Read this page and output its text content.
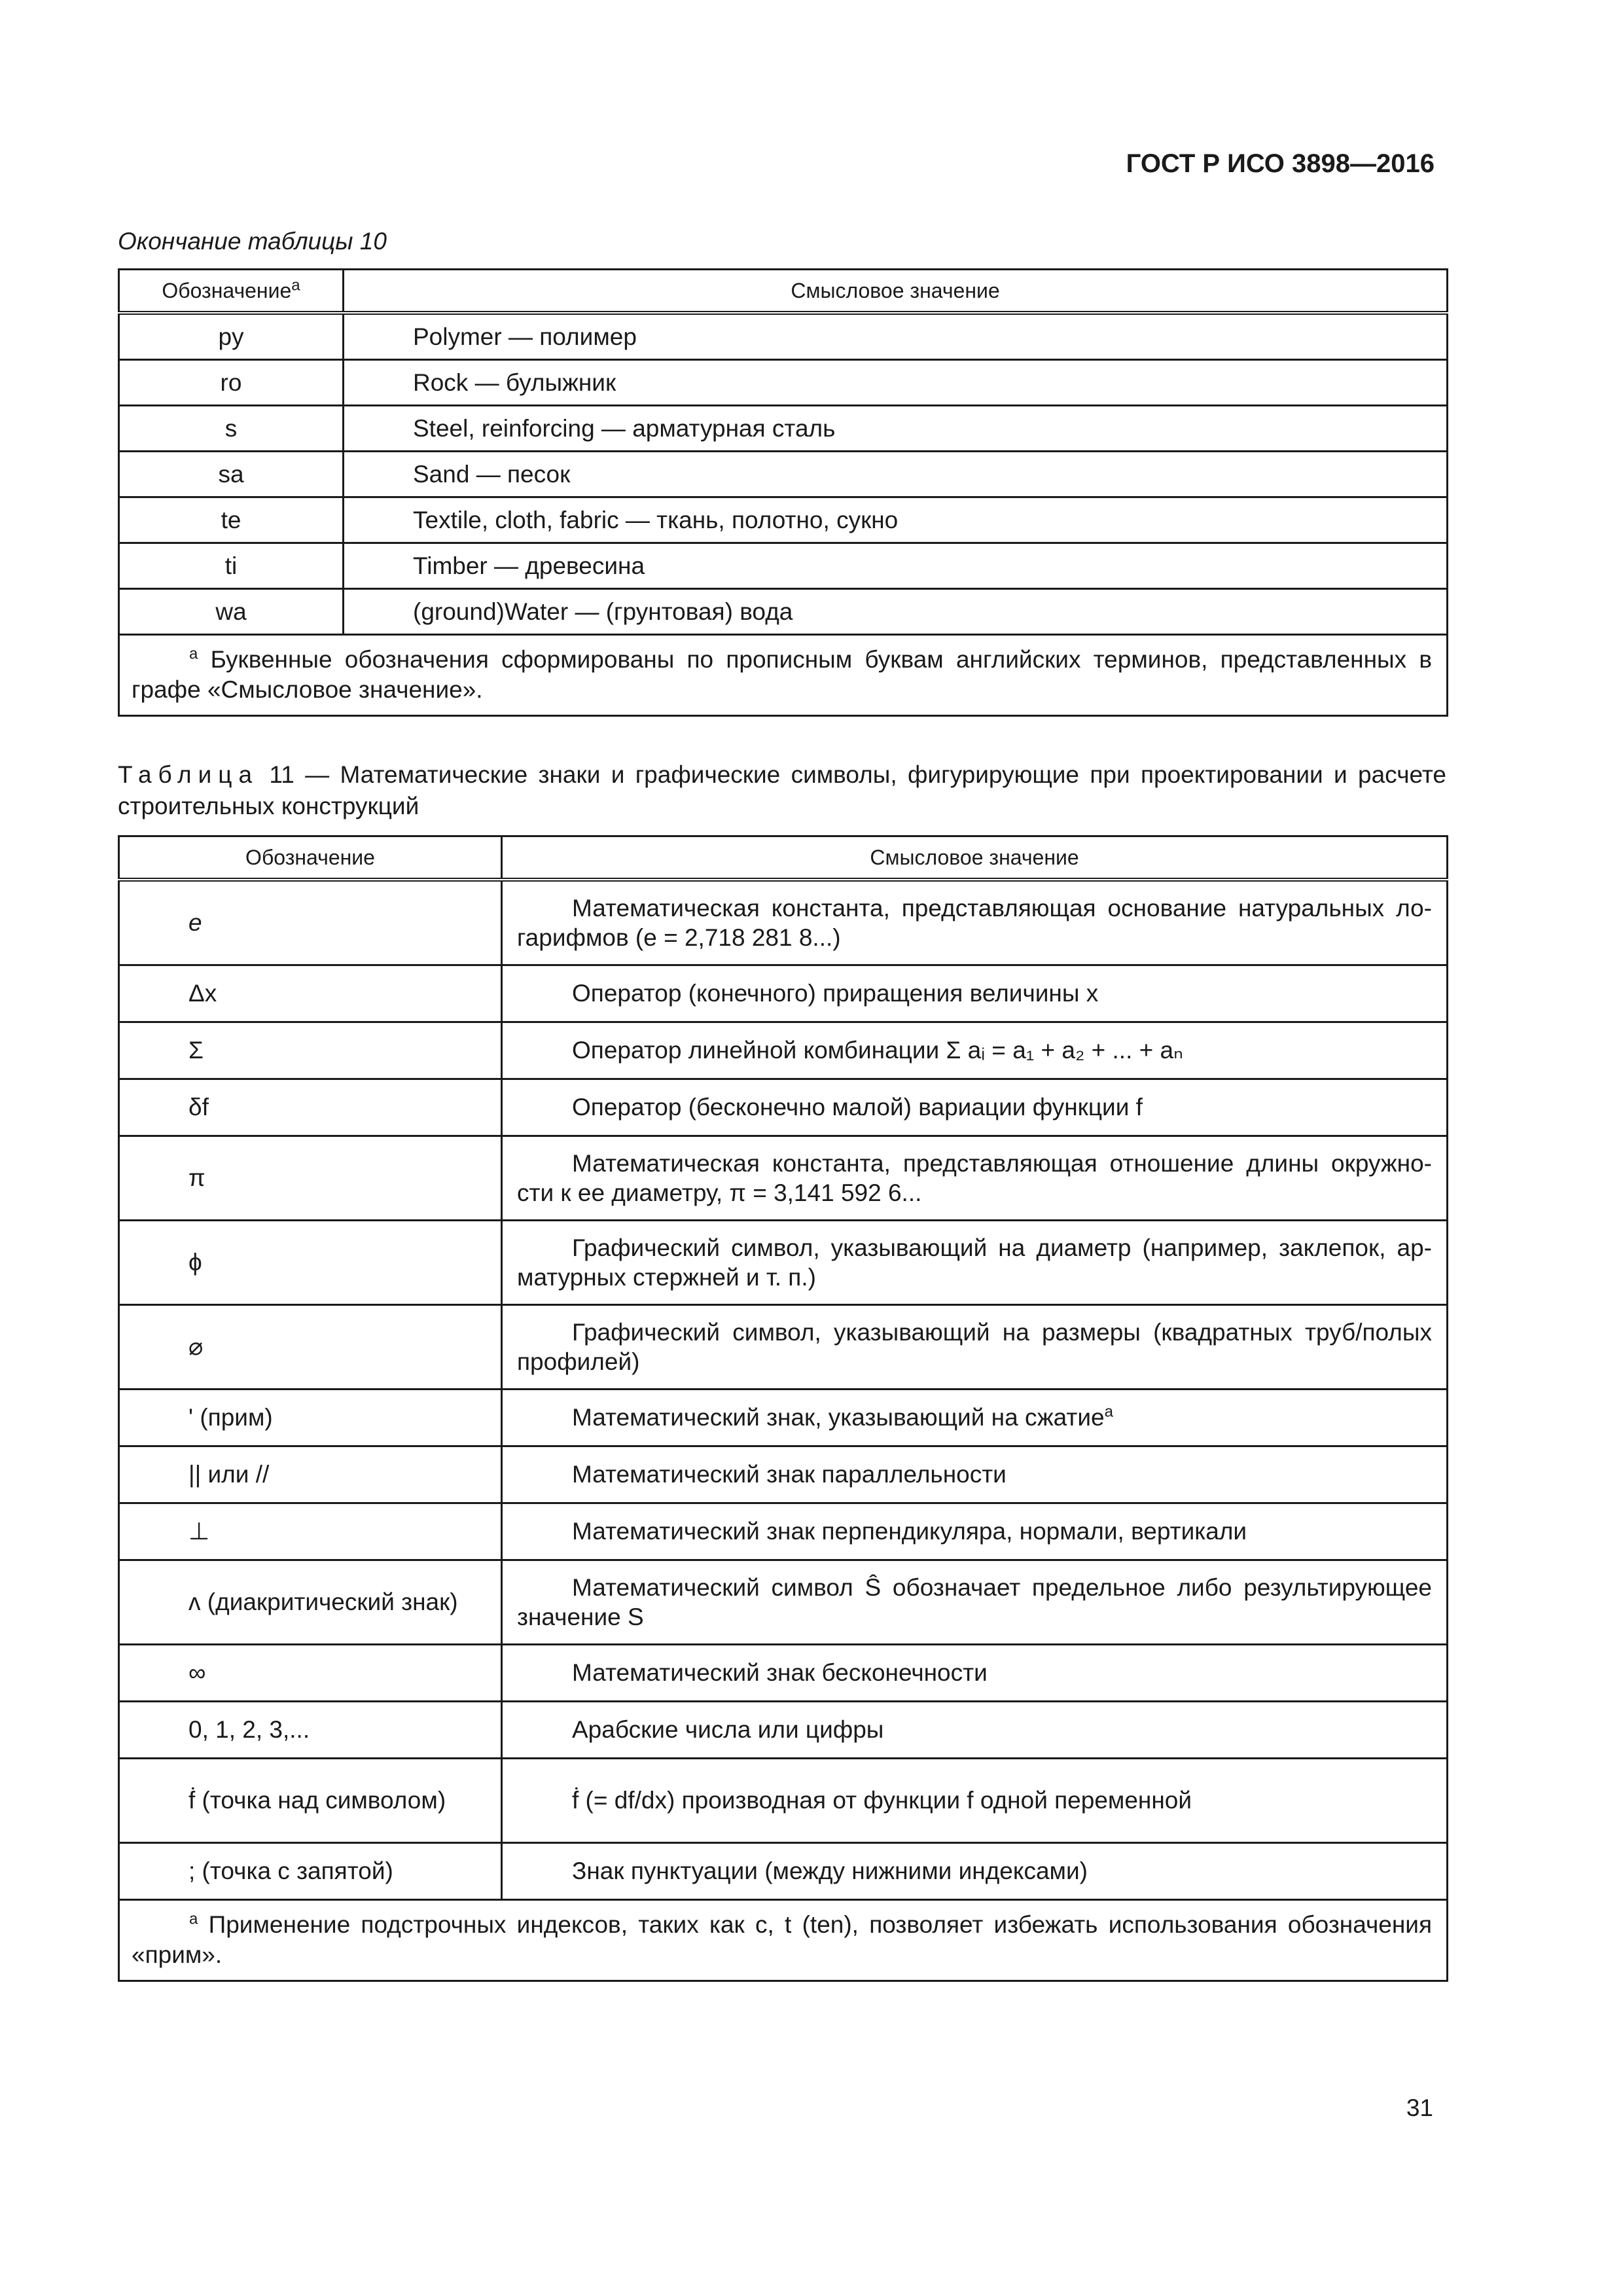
ГОСТ Р ИСО 3898—2016
Окончание таблицы 10
Обозначение$^a$	Смысловое значение
py	Polymer — полимер
ro	Rock — булыжник
s	Steel, reinforcing — арматурная сталь
sa	Sand — песок
te	Textile, cloth, fabric — ткань, полотно, сукно
ti	Timber — древесина
wa	(ground)Water — (грунтовая) вода
$^a$ Буквенные обозначения сформированы по прописным буквам английских терминов, представленных в графе «Смысловое значение».	
Таблица 11 — Математические знаки и графические символы, фигурирующие при проектировании и расчете строительных конструкций
Обозначение	Смысловое значение
e	Математическая константа, представляющая основание натуральных ло- гарифмов (e = 2,718 281 8...)
Δx	Оператор (конечного) приращения величины x
Σ	Оператор линейной комбинации Σ aᵢ = a₁ + a₂ + ... + aₙ
δf	Оператор (бесконечно малой) вариации функции f
π	Математическая константа, представляющая отношение длины окружно- сти к ее диаметру, π = 3,141 592 6...
ϕ	Графический символ, указывающий на диаметр (например, заклепок, ар- матурных стержней и т. п.)
⌀	Графический символ, указывающий на размеры (квадратных труб/полых профилей)
' (прим)	Математический знак, указывающий на сжатие$^a$
|| или //	Математический знак параллельности
⊥	Математический знак перпендикуляра, нормали, вертикали
ʌ (диакритический знак)	Математический символ Ŝ обозначает предельное либо результирующее значение S
∞	Математический знак бесконечности
0, 1, 2, 3,...	Арабские числа или цифры
ḟ (точка над символом)	ḟ (= df/dx) производная от функции f одной переменной
; (точка с запятой)	Знак пунктуации (между нижними индексами)
$^a$ Применение подстрочных индексов, таких как c, t (ten), позволяет избежать использования обозначения «прим».	
31
